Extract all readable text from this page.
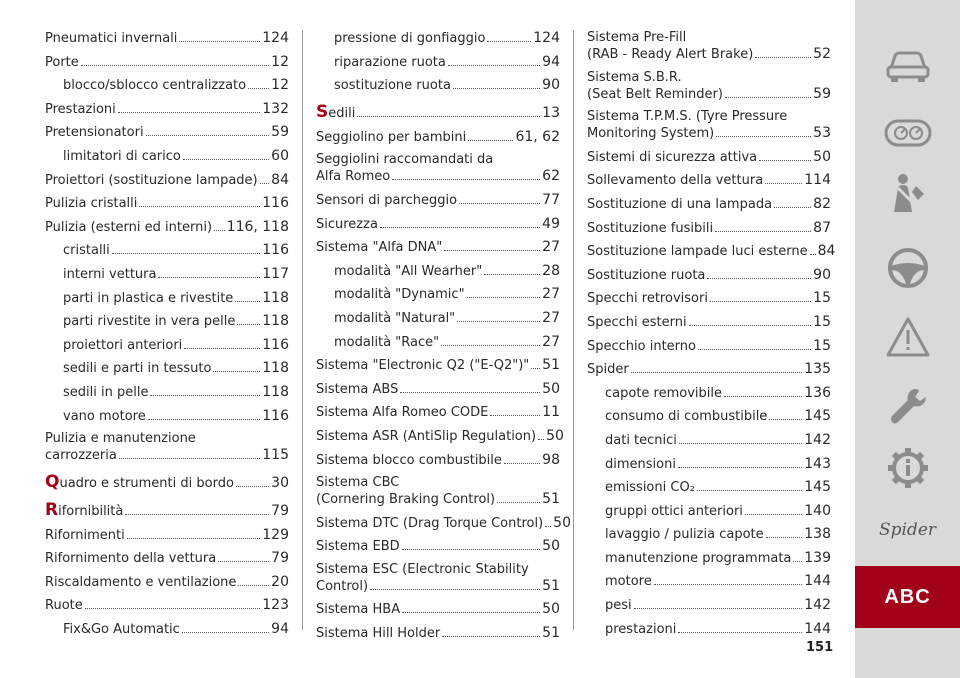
Pneumatici invernali	124
Porte	12
blocco/sblocco centralizzato 12
Prestazioni	132
Pretensionatori	59
limitatori di carico	60
Proiettori (sostituzione lampade) 84
Pulizia cristalli	116
Pulizia (esterni ed interni) 116, 118
cristalli	116
interni vettura	117
parti in plastica e rivestite 118
parti rivestite in vera pelle 118
proiettori anteriori	116
sedili e parti in tessuto	118
sedili in pelle	118
vano motore	116
Pulizia e manutenzione
carrozzeria	115
Q uadro e strumenti di bordo	30
R ifornibilità	79
Rifornimenti	129
Rifornimento della vettura	79
Riscaldamento e ventilazione 20
Ruote	123
Fix&Go Automatic	94
pressione di gonfiaggio	124
riparazione ruota	94
sostituzione ruota	90
S edili	13
Seggiolino per bambini	61, 62
Seggiolini raccomandati da
Alfa Romeo	62
Sensori di parcheggio	77
Sicurezza	49
Sistema "Alfa DNA"	27
modalità "All Wearher"	28
modalità "Dynamic"	27
modalità "Natural"	27
modalità "Race"	27
Sistema "Electronic Q2 ("E-Q2")" 51
Sistema ABS	50
Sistema Alfa Romeo CODE	11
Sistema ASR (AntiSlip Regulation) 50
Sistema blocco combustibile	98
Sistema CBC
(Cornering Braking Control)	51
Sistema DTC (Drag Torque Control) 50
Sistema EBD	50
Sistema ESC (Electronic Stability
Control)	51
Sistema HBA	50
Sistema Hill Holder	51
Sistema Pre-Fill
(RAB - Ready Alert Brake)	52
Sistema S.B.R.
(Seat Belt Reminder)	59
Sistema T.P.M.S. (Tyre Pressure
Monitoring System)	53
Sistemi di sicurezza attiva	50
Sollevamento della vettura	114
Sostituzione di una lampada	82
Sostituzione fusibili	87
Sostituzione lampade luci esterne 84
Sostituzione ruota	90
Specchi retrovisori	15
Specchi esterni	15
Specchio interno	15
Spider	135
capote removibile	136
consumo di combustibile	145
dati tecnici	142
dimensioni	143
emissioni CO₂	145
gruppi ottici anteriori	140
lavaggio / pulizia capote	138
manutenzione programmata 139
motore	144
pesi	142
prestazioni	144
151
Spider
ABC
